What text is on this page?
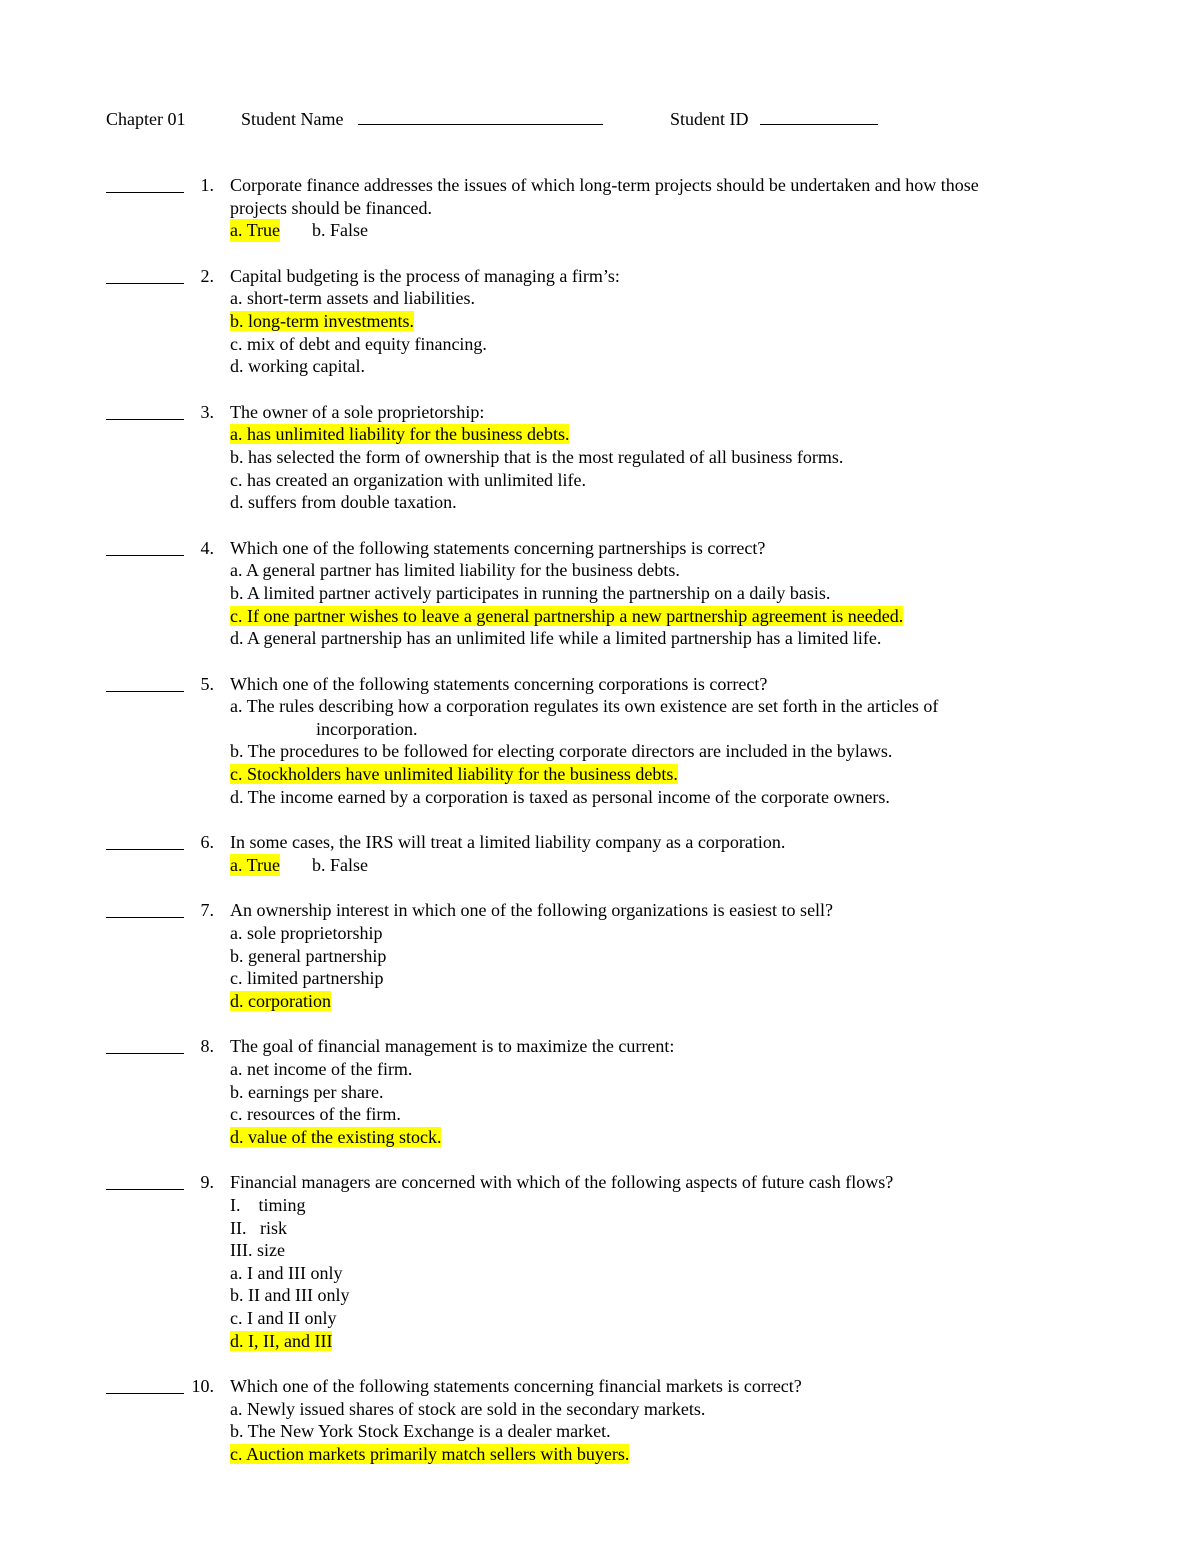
Chapter 01	Student Name	Student ID
1. Corporate finance addresses the issues of which long-term projects should be undertaken and how those
projects should be financed.
a. True b. False
2. Capital budgeting is the process of managing a firm’s:
a. short-term assets and liabilities.
b. long-term investments.
c. mix of debt and equity financing.
d. working capital.
3. The owner of a sole proprietorship:
a. has unlimited liability for the business debts.
b. has selected the form of ownership that is the most regulated of all business forms.
c. has created an organization with unlimited life.
d. suffers from double taxation.
4. Which one of the following statements concerning partnerships is correct?
a. A general partner has limited liability for the business debts.
b. A limited partner actively participates in running the partnership on a daily basis.
c. If one partner wishes to leave a general partnership a new partnership agreement is needed.
d. A general partnership has an unlimited life while a limited partnership has a limited life.
5. Which one of the following statements concerning corporations is correct?
a. The rules describing how a corporation regulates its own existence are set forth in the articles of
incorporation.
b. The procedures to be followed for electing corporate directors are included in the bylaws.
c. Stockholders have unlimited liability for the business debts.
d. The income earned by a corporation is taxed as personal income of the corporate owners.
6. In some cases, the IRS will treat a limited liability company as a corporation.
a. True b. False
7. An ownership interest in which one of the following organizations is easiest to sell?
a. sole proprietorship
b. general partnership
c. limited partnership
d. corporation
8. The goal of financial management is to maximize the current:
a. net income of the firm.
b. earnings per share.
c. resources of the firm.
d. value of the existing stock.
9. Financial managers are concerned with which of the following aspects of future cash flows?
I.    timing
II.   risk
III. size
a. I and III only
b. II and III only
c. I and II only
d. I, II, and III
10. Which one of the following statements concerning financial markets is correct?
a. Newly issued shares of stock are sold in the secondary markets.
b. The New York Stock Exchange is a dealer market.
c. Auction markets primarily match sellers with buyers.
